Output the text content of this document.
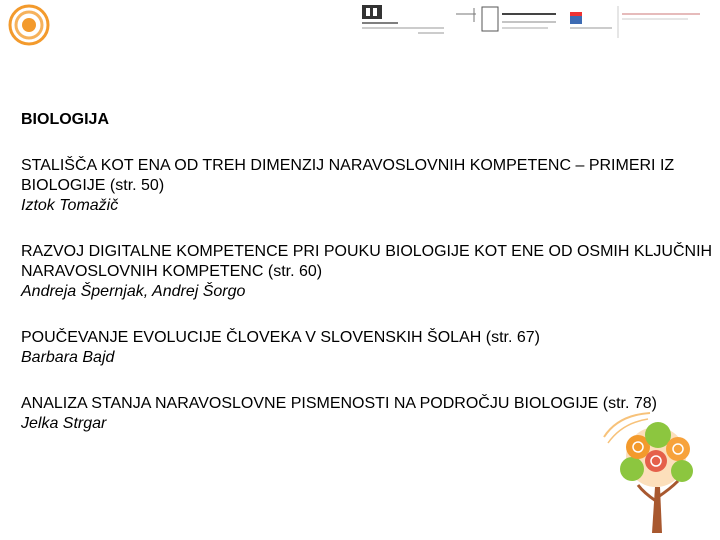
BIOLOGIJA
STALIŠČA KOT ENA OD TREH DIMENZIJ NARAVOSLOVNIH KOMPETENC – PRIMERI IZ BIOLOGIJE (str. 50)
Iztok Tomažič
RAZVOJ DIGITALNE KOMPETENCE PRI POUKU BIOLOGIJE KOT ENE OD OSMIH KLJUČNIH NARAVOSLOVNIH KOMPETENC (str. 60)
Andreja Špernjak, Andrej Šorgo
POUČEVANJE EVOLUCIJE ČLOVEKA V SLOVENSKIH ŠOLAH (str. 67)
Barbara Bajd
ANALIZA STANJA NARAVOSLOVNE PISMENOSTI NA PODROČJU BIOLOGIJE (str. 78)
Jelka Strgar
